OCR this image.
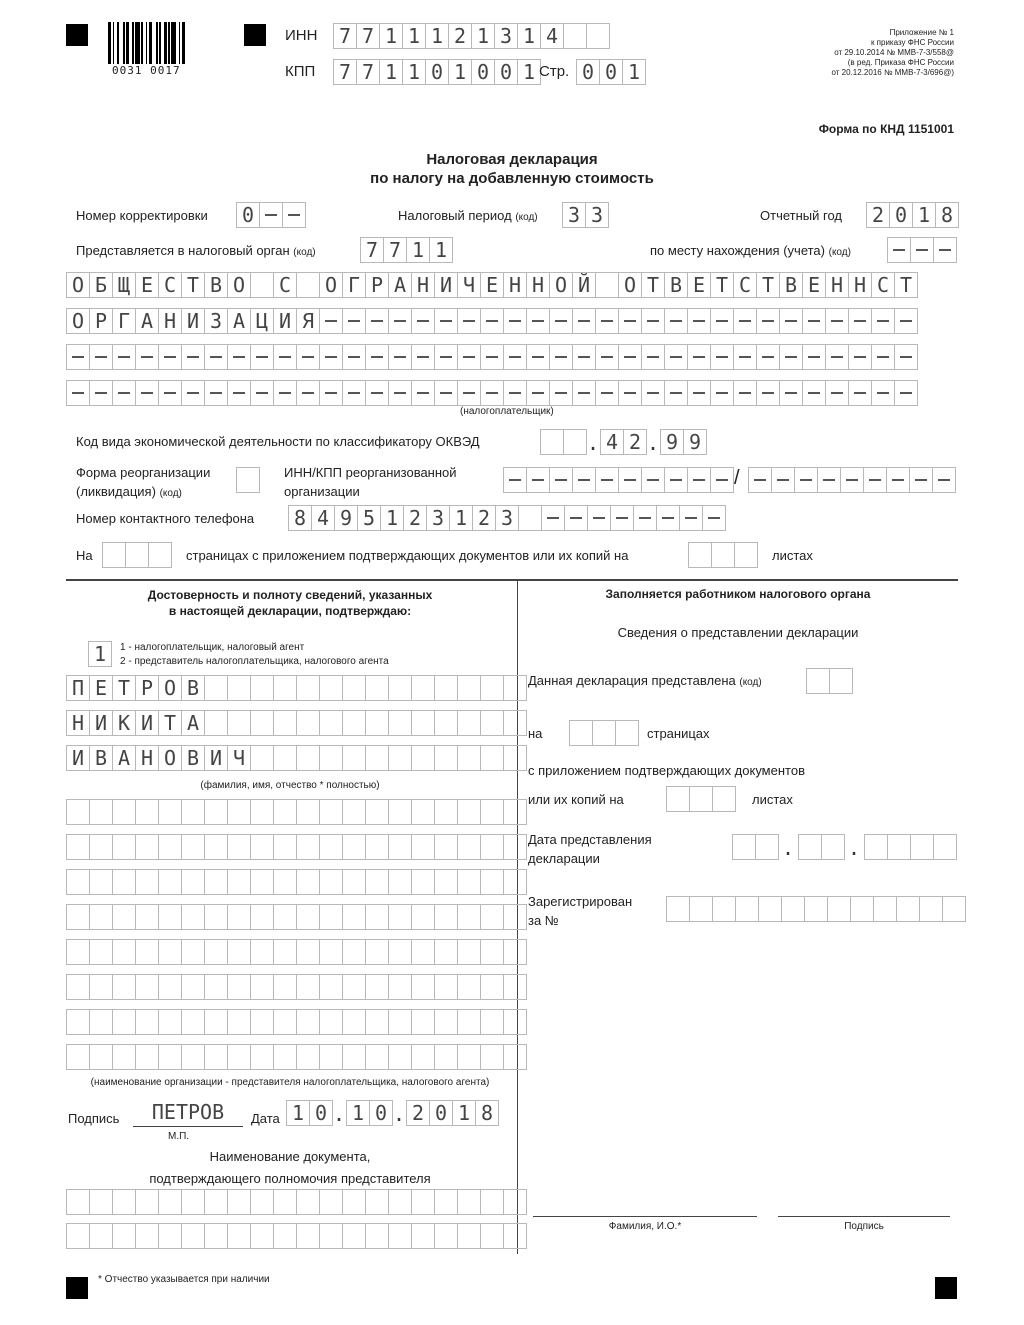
0031 0017
ИНН 7 7 1 1 1 2 1 3 1 4
КПП 7 7 1 1 0 1 0 0 1 Стр. 0 0 1
Приложение № 1
к приказу ФНС России
от 29.10.2014 № ММВ-7-3/558@
(в ред. Приказа ФНС России
от 20.12.2016 № ММВ-7-3/696@)
Форма по КНД 1151001
Налоговая декларация
по налогу на добавленную стоимость
Номер корректировки 0	Налоговый период (код) 3 3	Отчетный год 2 0 1 8
Представляется в налоговый орган (код)	7 7 1 1	по месту нахождения (учета) (код)
О Б Щ Е С Т В О С О Г Р А Н И Ч Е Н Н О Й О Т В Е Т С Т В Е Н Н С Т
О Р Г А Н И З А Ц И Я
(налогоплательщик)
Код вида экономической деятельности по классификатору ОКВЭД	. 4 2 . 9 9
Форма реорганизации
(ликвидация) (код)
ИНН/КПП реорганизованной
организации
/
Номер контактного телефона 8 4 9 5 1 2 3 1 2 3
На	страницах с приложением подтверждающих документов или их копий на	листах
Достоверность и полноту сведений, указанных
в настоящей декларации, подтверждаю:
1	1 - налогоплательщик, налоговый агент
2 - представитель налогоплательщика, налогового агента
П Е Т Р О В
Н И К И Т А
И В А Н О В И Ч
(фамилия, имя, отчество * полностью)
(наименование организации - представителя налогоплательщика, налогового агента)
Подпись	ПЕТРОВ
М.П.
Дата 1 0 . 1 0 . 2 0 1 8
Наименование документа,
подтверждающего полномочия представителя
Заполняется работником налогового органа
Сведения о представлении декларации
Данная декларация представлена (код)
на	страницах
с приложением подтверждающих документов
или их копий на	листах
Дата представления
декларации	.	.
Зарегистрирован
за №
Фамилия, И.О.*	Подпись
* Отчество указывается при наличии
